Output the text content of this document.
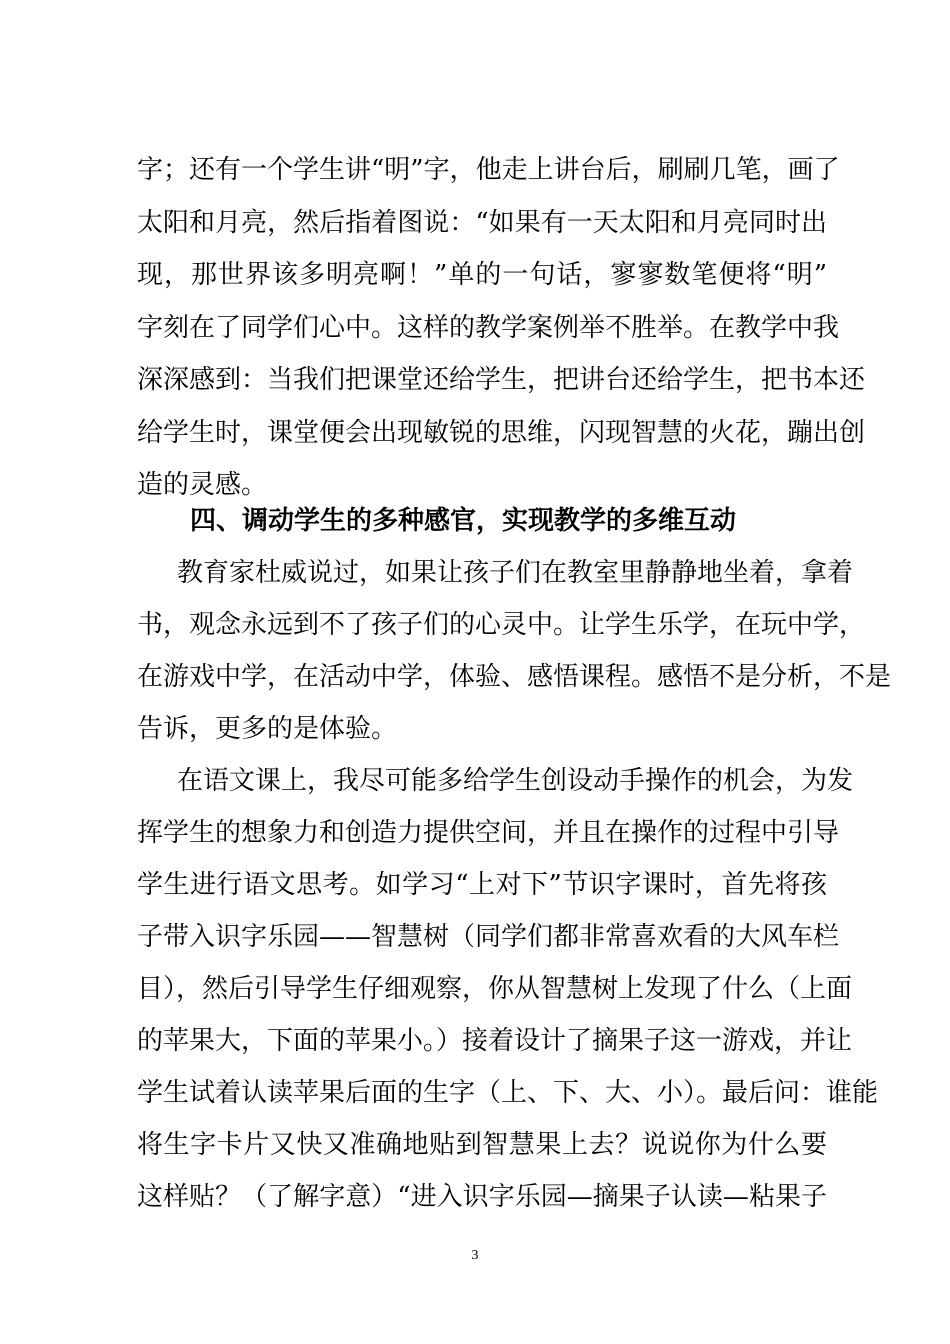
字；还有一个学生讲“明”字，他走上讲台后，刷刷几笔，画了
太阳和月亮，然后指着图说：“如果有一天太阳和月亮同时出
现，那世界该多明亮啊！”单的一句话，寥寥数笔便将“明”
字刻在了同学们心中。这样的教学案例举不胜举。在教学中我
深深感到：当我们把课堂还给学生，把讲台还给学生，把书本还
给学生时，课堂便会出现敏锐的思维，闪现智慧的火花，蹦出创
造的灵感。
四、调动学生的多种感官，实现教学的多维互动
教育家杜威说过，如果让孩子们在教室里静静地坐着，拿着
书，观念永远到不了孩子们的心灵中。让学生乐学，在玩中学，
在游戏中学，在活动中学，体验、感悟课程。感悟不是分析，不是
告诉，更多的是体验。
在语文课上，我尽可能多给学生创设动手操作的机会，为发
挥学生的想象力和创造力提供空间，并且在操作的过程中引导
学生进行语文思考。如学习“上对下”节识字课时，首先将孩
子带入识字乐园——智慧树（同学们都非常喜欢看的大风车栏
目），然后引导学生仔细观察，你从智慧树上发现了什么（上面
的苹果大，下面的苹果小。）接着设计了摘果子这一游戏，并让
学生试着认读苹果后面的生字（上、下、大、小）。最后问：谁能
将生字卡片又快又准确地贴到智慧果上去？说说你为什么要
这样贴？（了解字意）“进入识字乐园—摘果子认读—粘果子
3
